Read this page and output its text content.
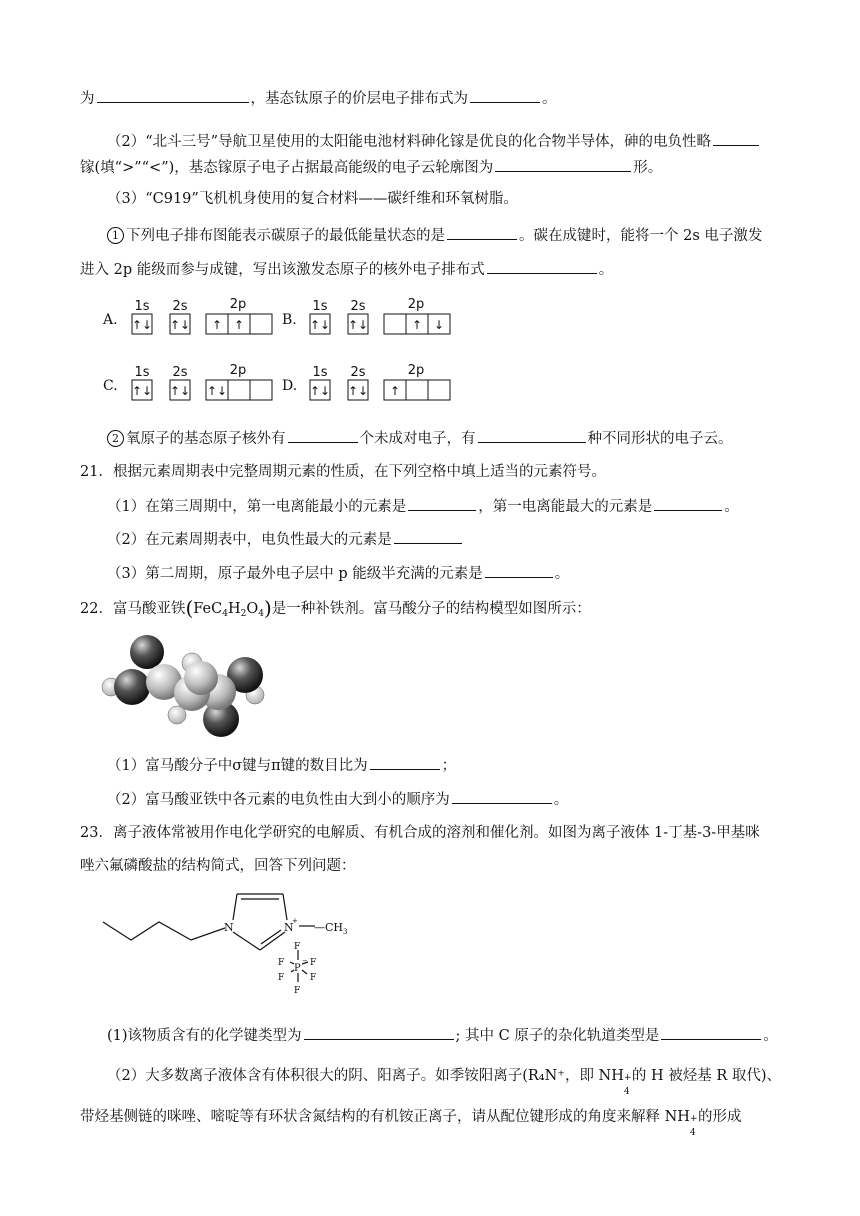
为	，基态钛原子的价层电子排布式为	。
（2）“北斗三号”导航卫星使用的太阳能电池材料砷化镓是优良的化合物半导体，砷的电负性略
镓(填“>”“<”)，基态镓原子电子占据最高能级的电子云轮廓图为	形。
（3）“C919”飞机机身使用的复合材料——碳纤维和环氧树脂。
1 下列电子排布图能表示碳原子的最低能量状态的是	。碳在成键时，能将一个 2s 电子激发
进入 2p 能级而参与成键，写出该激发态原子的核外电子排布式	。
A.	B.
C.	D.
1s
↑↓
2s
↑↓
2p
↑ ↑
1s
↑↓
2s
↑↓
2p
↑ ↓
1s
↑↓
2s
↑↓
2p
↑↓
1s
↑↓
2s
↑↓
2p
↑
2 氧原子的基态原子核外有	个未成对电子，有	种不同形状的电子云。
21．根据元素周期表中完整周期元素的性质，在下列空格中填上适当的元素符号。
（1）在第三周期中，第一电离能最小的元素是	，第一电离能最大的元素是	。
（2）在元素周期表中，电负性最大的元素是
（3）第二周期，原子最外电子层中 p 能级半充满的元素是	。
22．富马酸亚铁$(FeC_4H_2O_4)$是一种补铁剂。富马酸分子的结构模型如图所示：
（1）富马酸分子中σ键与π键的数目比为	；
（2）富马酸亚铁中各元素的电负性由大到小的顺序为	。
23．离子液体常被用作电化学研究的电解质、有机合成的溶剂和催化剂。如图为离子液体 1-丁基-3-甲基咪
唑六氟磷酸盐的结构简式，回答下列问题：
N	N
+ $—CH_3$
F
F	F
P
−
F	F
F
(1)该物质含有的化学键类型为	; 其中 C 原子的杂化轨道类型是	。
（2）大多数离子液体含有体积很大的阴、阳离子。如季铵阳离子(R₄N⁺，即 NH +
4
的 H 被烃基 R 取代)、
带烃基侧链的咪唑、嘧啶等有环状含氮结构的有机铵正离子，请从配位键形成的角度来解释 NH +
4
的形成
